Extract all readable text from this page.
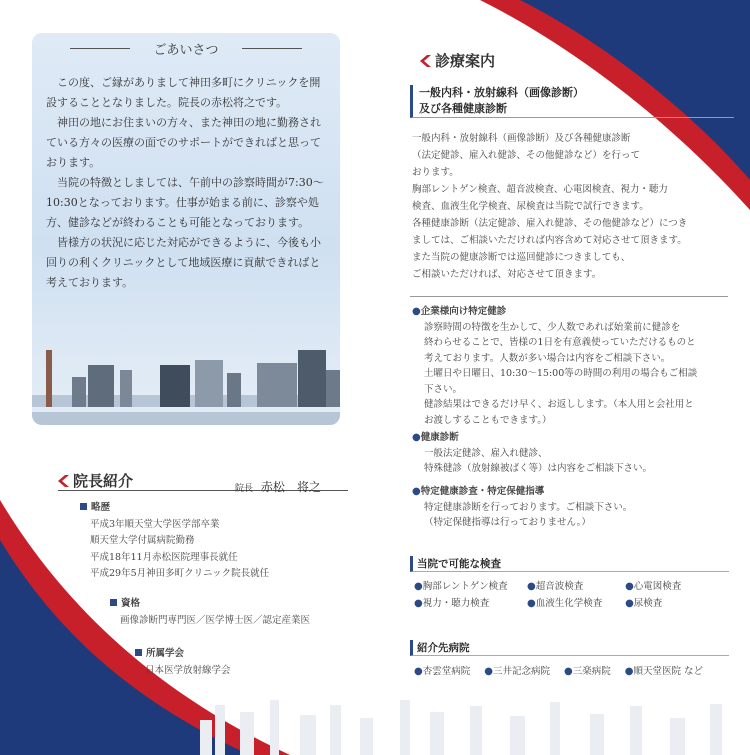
ごあいさつ

この度、ご縁がありまして神田多町にクリニックを開設することとなりました。院長の赤松将之です。

神田の地にお住まいの方々、また神田の地に勤務されている方々の医療の面でのサポートができればと思っております。

当院の特徴としましては、午前中の診察時間が7:30〜10:30となっております。仕事が始まる前に、診察や処方、健診などが終わることも可能となっております。

皆様方の状況に応じた対応ができるように、今後も小回りの利くクリニックとして地域医療に貢献できればと考えております。

院長紹介	院長 赤松　将之
略歴
平成3年順天堂大学医学部卒業
順天堂大学付属病院勤務
平成18年11月赤松医院理事長就任
平成29年5月神田多町クリニック院長就任
資格
画像診断門専門医／医学博士医／認定産業医
所属学会
日本医学放射線学会
診療案内
一般内科・放射線科（画像診断）
及び各種健康診断
一般内科・放射線科（画像診断）及び各種健康診断
（法定健診、雇入れ健診、その他健診など）を行って
おります。
胸部レントゲン検査、超音波検査、心電図検査、視力・聴力
検査、血液生化学検査、尿検査は当院で試行できます。
各種健康診断（法定健診、雇入れ健診、その他健診など）につき
ましては、ご相談いただければ内容含めて対応させて頂きます。
また当院の健康診断では巡回健診につきましても、
ご相談いただければ、対応させて頂きます。
●企業様向け特定健診
診察時間の特徴を生かして、少人数であれば始業前に健診を
終わらせることで、皆様の1日を有意義使っていただけるものと
考えております。人数が多い場合は内容をご相談下さい。
土曜日や日曜日、10:30〜15:00等の時間の利用の場合もご相談
下さい。
健診結果はできるだけ早く、お返しします。（本人用と会社用と
お渡しすることもできます。）
●健康診断
一般法定健診、雇入れ健診、
特殊健診（放射線被ばく等）は内容をご相談下さい。
●特定健康診査・特定保健指導
特定健康診断を行っております。ご相談下さい。
（特定保健指導は行っておりません。）
当院で可能な検査
●胸部レントゲン検査 ●超音波検査	●心電図検査
●視力・聴力検査	●血液生化学検査 ●尿検査
紹介先病院
●杏雲堂病院 ●三井記念病院 ●三楽病院 ●順天堂医院 など
